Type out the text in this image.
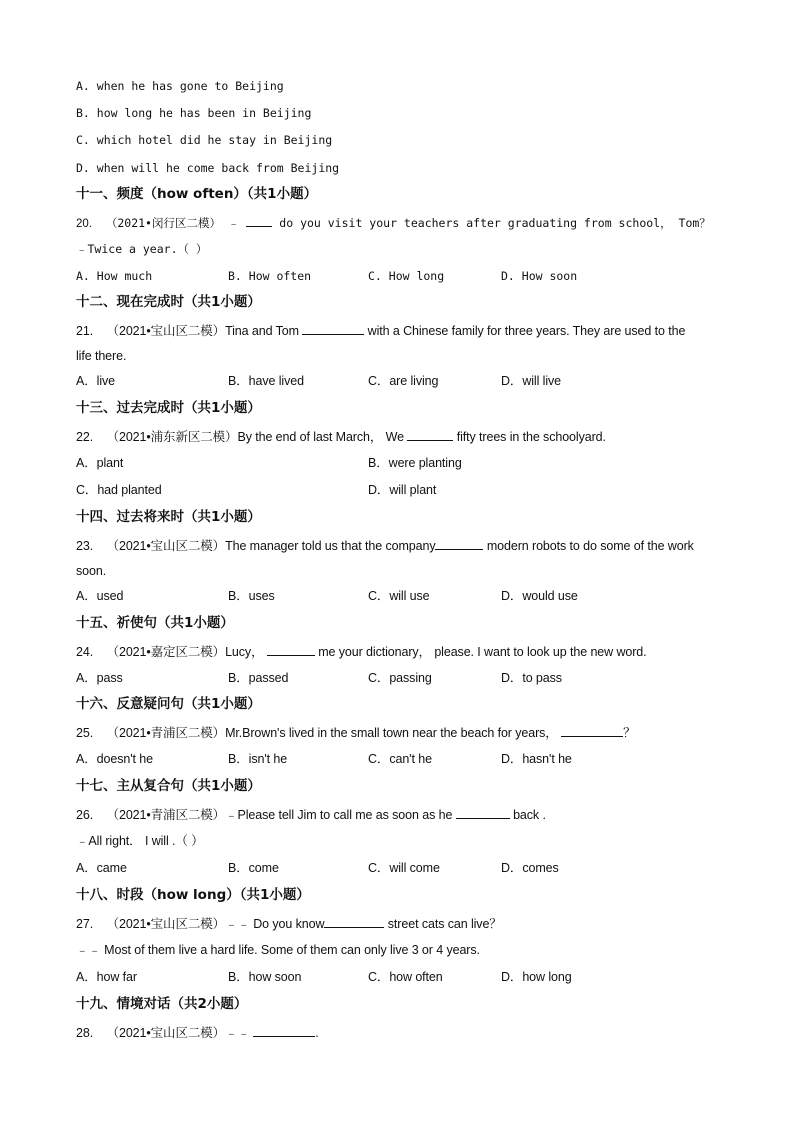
A. when he has gone to Beijing
B. how long he has been in Beijing
C. which hotel did he stay in Beijing
D. when will he come back from Beijing
十一、频度（how often）（共1小题）
20. （2021•闵行区二模） ﹣	do you visit your teachers after graduating from school， Tom？
﹣Twice a year.（ ）
A. How much	B. How often	C. How long	D. How soon
十二、现在完成时（共1小题）
21. （2021•宝山区二模）Tina and Tom	with a Chinese family for three years. They are used to the
life there.
A．live	B．have lived	C．are living	D．will live
十三、过去完成时（共1小题）
22. （2021•浦东新区二模）By the end of last March， We	fifty trees in the schoolyard.
A．plant	B．were planting
C．had planted	D．will plant
十四、过去将来时（共1小题）
23. （2021•宝山区二模）The manager told us that the company	modern robots to do some of the work
soon.
A．used	B．uses	C．will use	D．would use
十五、祈使句（共1小题）
24. （2021•嘉定区二模）Lucy，	me your dictionary， please. I want to look up the new word.
A．pass	B．passed	C．passing	D．to pass
十六、反意疑问句（共1小题）
25. （2021•青浦区二模）Mr.Brown's lived in the small town near the beach for years，	？
A．doesn't he	B．isn't he	C．can't he	D．hasn't he
十七、主从复合句（共1小题）
26. （2021•青浦区二模）﹣Please tell Jim to call me as soon as he	back .
﹣All right． I will .（ ）
A．came	B．come	C．will come	D．comes
十八、时段（how long）（共1小题）
27. （2021•宝山区二模）﹣﹣ Do you know	street cats can live？
﹣﹣ Most of them live a hard life. Some of them can only live 3 or 4 years.
A．how far	B．how soon	C．how often	D．how long
十九、情境对话（共2小题）
28. （2021•宝山区二模）﹣﹣	.
